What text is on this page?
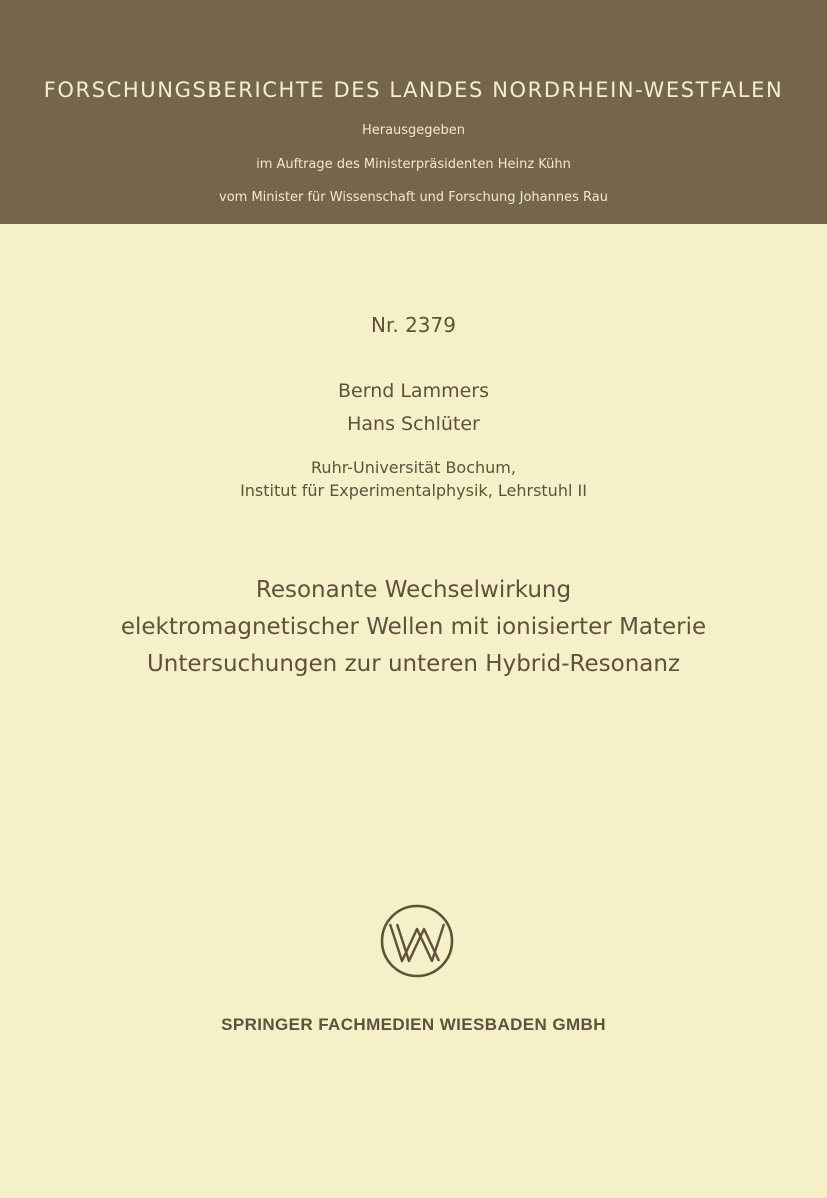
FORSCHUNGSBERICHTE DES LANDES NORDRHEIN-WESTFALEN
Herausgegeben
im Auftrage des Ministerpräsidenten Heinz Kühn
vom Minister für Wissenschaft und Forschung Johannes Rau
Nr. 2379
Bernd Lammers
Hans Schlüter
Ruhr-Universität Bochum,
Institut für Experimentalphysik, Lehrstuhl II
Resonante Wechselwirkung
elektromagnetischer Wellen mit ionisierter Materie
Untersuchungen zur unteren Hybrid-Resonanz
SPRINGER FACHMEDIEN WIESBADEN GMBH
